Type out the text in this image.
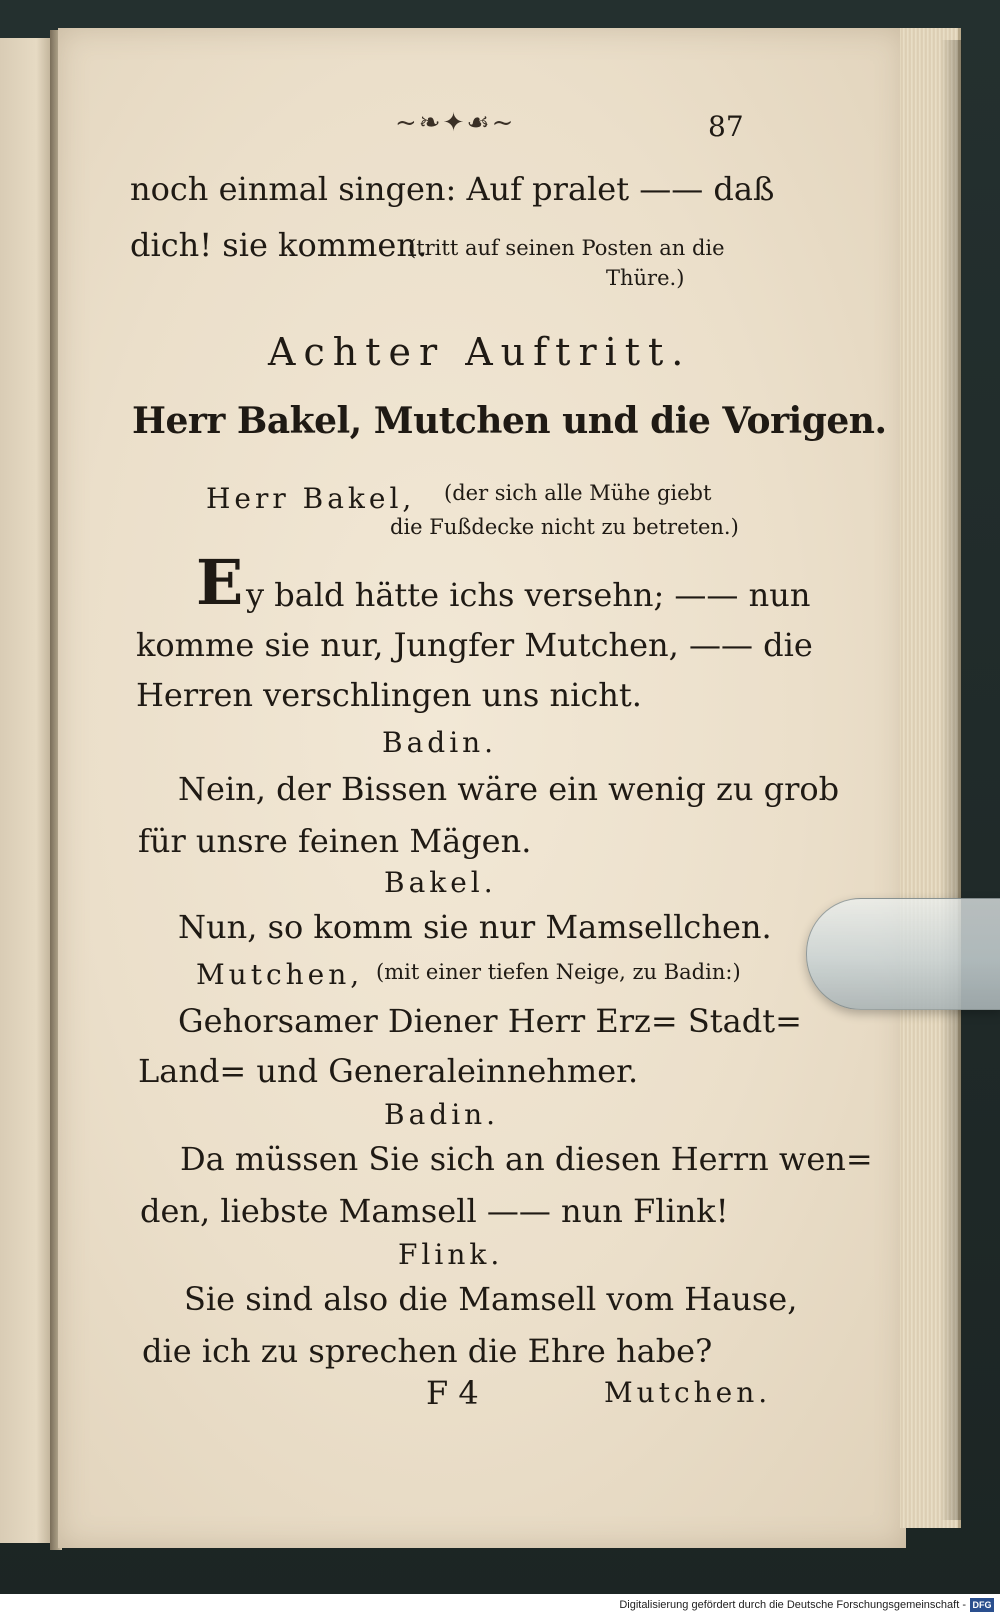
~❧✦☙~	87
noch einmal singen: Auf pralet —— daß
dich! sie kommen.
(tritt auf seinen Posten an die
Thüre.)
Achter Auftritt.
Herr Bakel, Mutchen und die Vorigen.
Herr Bakel, (der sich alle Mühe giebt
die Fußdecke nicht zu betreten.)
E y bald hätte ichs versehn; —— nun
komme sie nur, Jungfer Mutchen, —— die
Herren verschlingen uns nicht.
Badin.
Nein, der Bissen wäre ein wenig zu grob
für unsre feinen Mägen.
Bakel.
Nun, so komm sie nur Mamsellchen.
Mutchen, (mit einer tiefen Neige, zu Badin:)
Gehorsamer Diener Herr Erz= Stadt=
Land= und Generaleinnehmer.
Badin.
Da müssen Sie sich an diesen Herrn wen=
den, liebste Mamsell —— nun Flink!
Flink.
Sie sind also die Mamsell vom Hause,
die ich zu sprechen die Ehre habe?
F 4	Mutchen.
Digitalisierung gefördert durch die Deutsche Forschungsgemeinschaft - DFG
